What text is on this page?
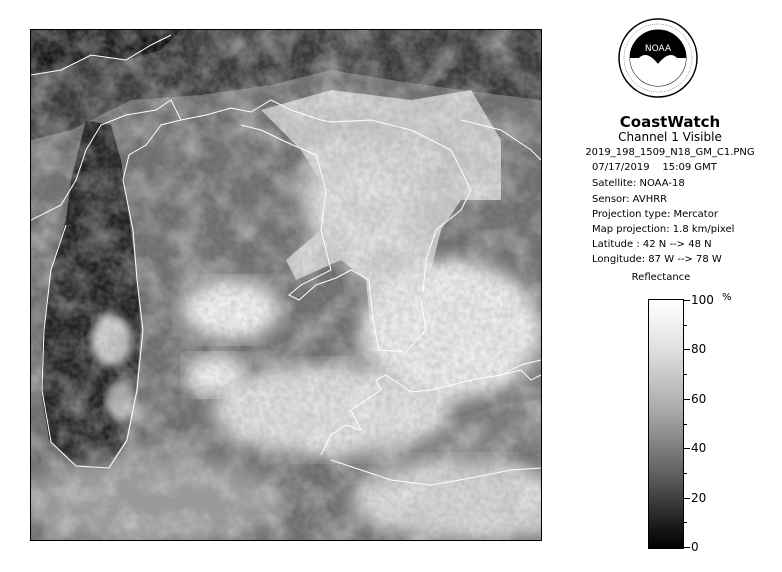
NOAA
CoastWatch
Channel 1 Visible
2019_198_1509_N18_GM_C1.PNG
07/17/2019 15:09 GMT
Satellite: NOAA-18
Sensor: AVHRR
Projection type: Mercator
Map projection: 1.8 km/pixel
Latitude : 42 N --> 48 N
Longitude: 87 W --> 78 W
Reflectance
%
100
80
60
40
20
0
